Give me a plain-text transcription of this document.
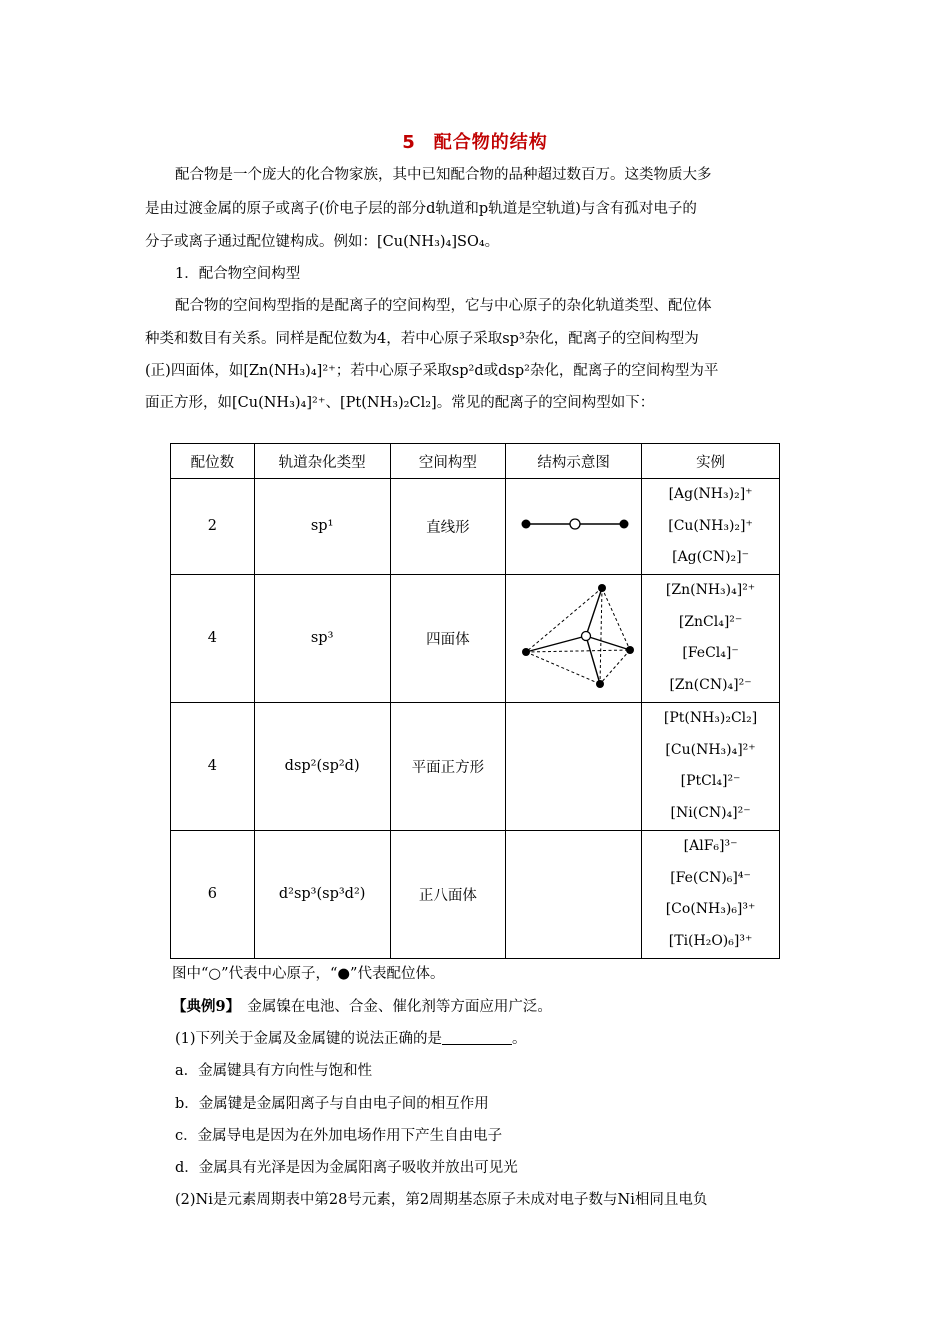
5 配合物的结构
配合物是一个庞大的化合物家族，其中已知配合物的品种超过数百万。这类物质大多
是由过渡金属的原子或离子(价电子层的部分d轨道和p轨道是空轨道)与含有孤对电子的
分子或离子通过配位键构成。例如：[Cu(NH₃)₄]SO₄。
1．配合物空间构型
配合物的空间构型指的是配离子的空间构型，它与中心原子的杂化轨道类型、配位体
种类和数目有关系。同样是配位数为4，若中心原子采取sp³杂化，配离子的空间构型为
(正)四面体，如[Zn(NH₃)₄]²⁺；若中心原子采取sp²d或dsp²杂化，配离子的空间构型为平
面正方形，如[Cu(NH₃)₄]²⁺、[Pt(NH₃)₂Cl₂]。常见的配离子的空间构型如下：
配位数	轨道杂化类型	空间构型	结构示意图	实例
2	sp¹	直线形		[Ag(NH₃)₂]⁺
[Cu(NH₃)₂]⁺
[Ag(CN)₂]⁻

4	sp³	四面体		[Zn(NH₃)₄]²⁺
[ZnCl₄]²⁻
[FeCl₄]⁻
[Zn(CN)₄]²⁻

4	dsp²(sp²d)	平面正方形		[Pt(NH₃)₂Cl₂]
[Cu(NH₃)₄]²⁺
[PtCl₄]²⁻
[Ni(CN)₄]²⁻

6	d²sp³(sp³d²)	正八面体		[AlF₆]³⁻
[Fe(CN)₆]⁴⁻
[Co(NH₃)₆]³⁺
[Ti(H₂O)₆]³⁺
图中“○”代表中心原子，“●”代表配位体。
【典例9】　金属镍在电池、合金、催化剂等方面应用广泛。
(1)下列关于金属及金属键的说法正确的是	。
a．金属键具有方向性与饱和性
b．金属键是金属阳离子与自由电子间的相互作用
c．金属导电是因为在外加电场作用下产生自由电子
d．金属具有光泽是因为金属阳离子吸收并放出可见光
(2)Ni是元素周期表中第28号元素，第2周期基态原子未成对电子数与Ni相同且电负
